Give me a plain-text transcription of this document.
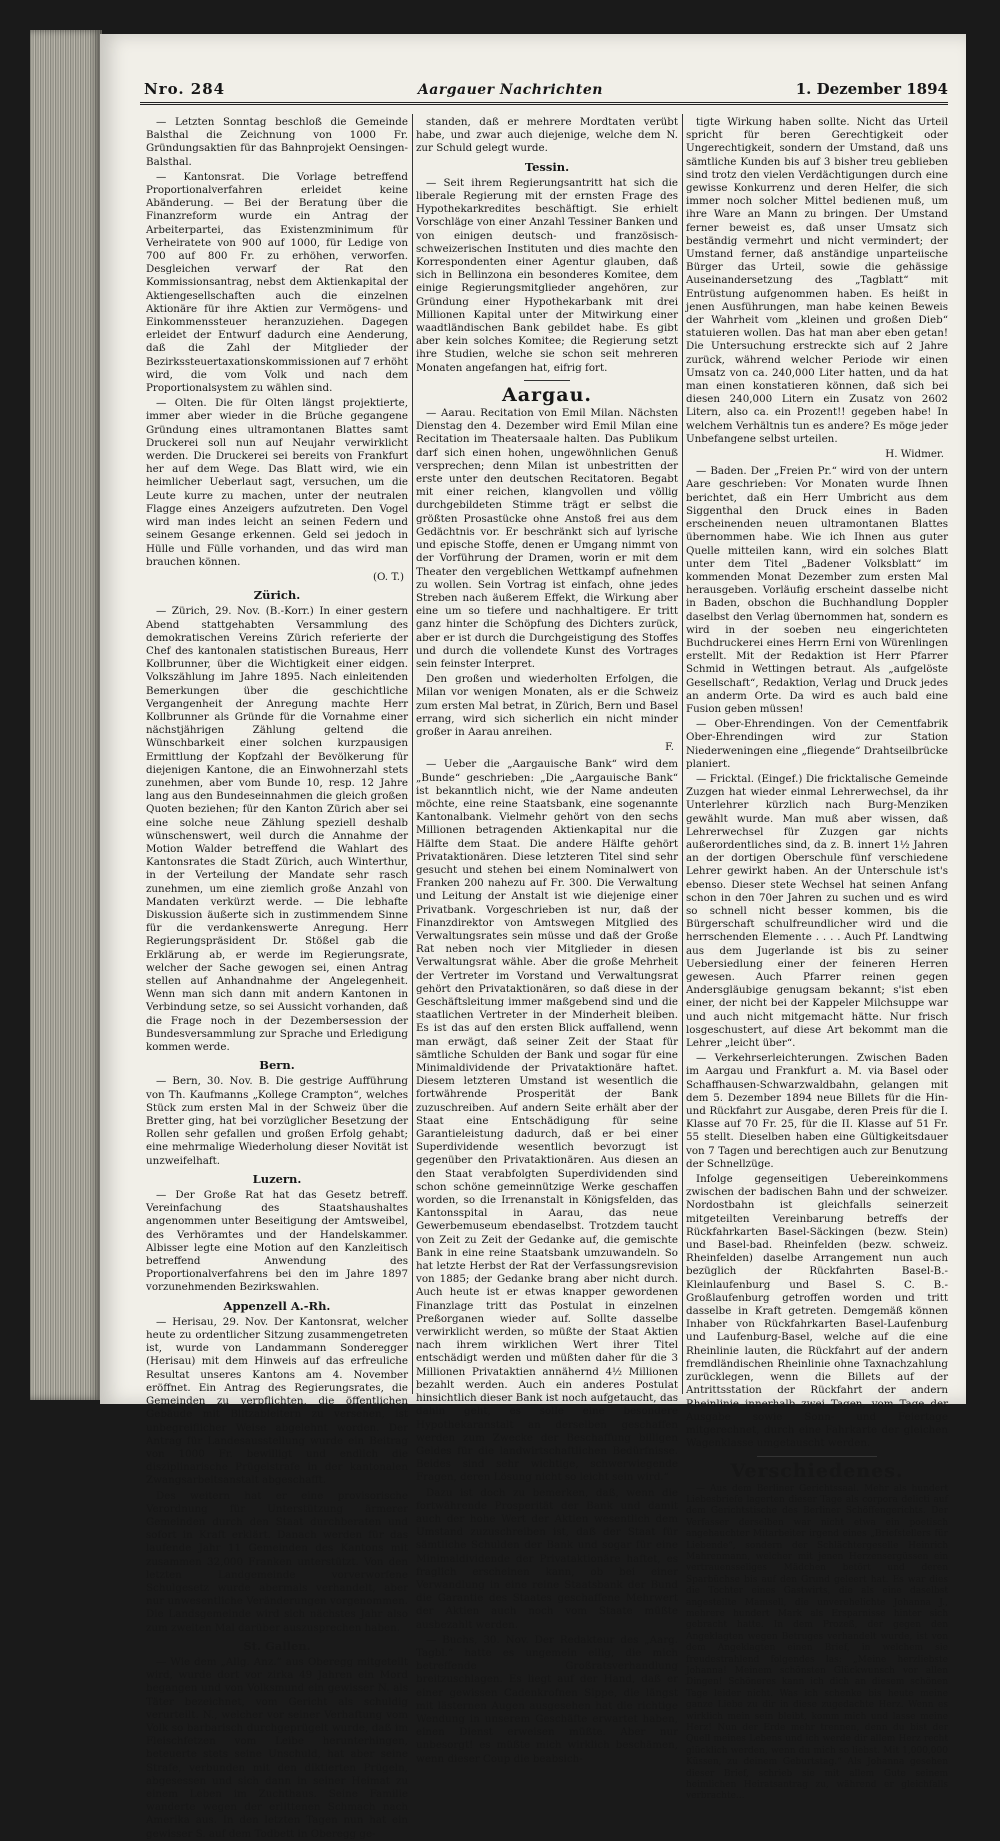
Nro. 284	Aargauer Nachrichten	1. Dezember 1894

— Letzten Sonntag beschloß die Gemeinde Balsthal die Zeichnung von 1000 Fr. Gründungsaktien für das Bahnprojekt Oensingen-Balsthal.

— Kantonsrat. Die Vorlage betreffend Proportionalverfahren erleidet keine Abänderung. — Bei der Beratung über die Finanzreform wurde ein Antrag der Arbeiterpartei, das Existenzminimum für Verheiratete von 900 auf 1000, für Ledige von 700 auf 800 Fr. zu erhöhen, verworfen. Desgleichen verwarf der Rat den Kommissionsantrag, nebst dem Aktienkapital der Aktiengesellschaften auch die einzelnen Aktionäre für ihre Aktien zur Vermögens- und Einkommenssteuer heranzuziehen. Dagegen erleidet der Entwurf dadurch eine Aenderung, daß die Zahl der Mitglieder der Bezirkssteuertaxationskommissionen auf 7 erhöht wird, die vom Volk und nach dem Proportionalsystem zu wählen sind.

— Olten. Die für Olten längst projektierte, immer aber wieder in die Brüche gegangene Gründung eines ultramontanen Blattes samt Druckerei soll nun auf Neujahr verwirklicht werden. Die Druckerei sei bereits von Frankfurt her auf dem Wege. Das Blatt wird, wie ein heimlicher Ueberlaut sagt, versuchen, um die Leute kurre zu machen, unter der neutralen Flagge eines Anzeigers aufzutreten. Den Vogel wird man indes leicht an seinen Federn und seinem Gesange erkennen. Geld sei jedoch in Hülle und Fülle vorhanden, und das wird man brauchen können.

(O. T.)

Zürich.

— Zürich, 29. Nov. (B.-Korr.) In einer gestern Abend stattgehabten Versammlung des demokratischen Vereins Zürich referierte der Chef des kantonalen statistischen Bureaus, Herr Kollbrunner, über die Wichtigkeit einer eidgen. Volkszählung im Jahre 1895. Nach einleitenden Bemerkungen über die geschichtliche Vergangenheit der Anregung machte Herr Kollbrunner als Gründe für die Vornahme einer nächstjährigen Zählung geltend die Wünschbarkeit einer solchen kurzpausigen Ermittlung der Kopfzahl der Bevölkerung für diejenigen Kantone, die an Einwohnerzahl stets zunehmen, aber vom Bunde 10, resp. 12 Jahre lang aus den Bundeseinnahmen die gleich großen Quoten beziehen; für den Kanton Zürich aber sei eine solche neue Zählung speziell deshalb wünschenswert, weil durch die Annahme der Motion Walder betreffend die Wahlart des Kantonsrates die Stadt Zürich, auch Winterthur, in der Verteilung der Mandate sehr rasch zunehmen, um eine ziemlich große Anzahl von Mandaten verkürzt werde. — Die lebhafte Diskussion äußerte sich in zustimmendem Sinne für die verdankenswerte Anregung. Herr Regierungspräsident Dr. Stößel gab die Erklärung ab, er werde im Regierungsrate, welcher der Sache gewogen sei, einen Antrag stellen auf Anhandnahme der Angelegenheit. Wenn man sich dann mit andern Kantonen in Verbindung setze, so sei Aussicht vorhanden, daß die Frage noch in der Dezembersession der Bundesversammlung zur Sprache und Erledigung kommen werde.

Bern.

— Bern, 30. Nov. B. Die gestrige Aufführung von Th. Kaufmanns „Kollege Crampton“, welches Stück zum ersten Mal in der Schweiz über die Bretter ging, hat bei vorzüglicher Besetzung der Rollen sehr gefallen und großen Erfolg gehabt; eine mehrmalige Wiederholung dieser Novität ist unzweifelhaft.

Luzern.

— Der Große Rat hat das Gesetz betreff. Vereinfachung des Staatshaushaltes angenommen unter Beseitigung der Amtsweibel, des Verhöramtes und der Handelskammer. Albisser legte eine Motion auf den Kanzleitisch betreffend Anwendung des Proportionalverfahrens bei den im Jahre 1897 vorzunehmenden Bezirkswahlen.

Appenzell A.-Rh.

— Herisau, 29. Nov. Der Kantonsrat, welcher heute zu ordentlicher Sitzung zusammengetreten ist, wurde von Landammann Sonderegger (Herisau) mit dem Hinweis auf das erfreuliche Resultat unseres Kantons am 4. November eröffnet. Ein Antrag des Regierungsrates, die Gemeinden zu verpflichten, die öffentlichen Gebäude mit Blitzableitern zu versehen, ist unbegreiflicher Weise abgelehnt worden. Der Antrag für Landesausstellung wurde ein Beitrag von 1000 Fr. bewilligt und endlich die disziplinarische Prügelstrafe in der kantonalen Zwangsarbeitsanstalt abgeschafft.

Des weitern hat er eine provisorische Verordnung für Unterstützung ärmerer Gemeinden durch den Staat durchberaten und sofort in Kraft erklärt. Danach werden für das laufende Jahr 11 Gemeinden des Kantons mit zusammen 32,000 Franken unterstützt. Von den letzten Landgemeinde vorverworfene Schulgesetz wurde abermals verhandelt, aber nur unwesentliche Veränderungen vorgenommen. Die Landsgemeinde wird sich nächstes Jahr also zum zweiten Mal darüber auszusprechen haben.

St. Gallen.

— Wie dem „Allg. Anz.“ aus Oberegg mitgeteilt wird, wurde dort vor zirka 49 Jahren ein Mord begangen und von Volksmund ein gewisser N. als Täter bezeichnet, vom Gericht als schuldig verurteilt. N., welcher vor seiner Verhaftung vom Volk so barbarisch durchgeprügelt wurde, daß im Fleischfetzen vom Leibe herunterhingen, beteuerte stets seine Unschuld, hat aber seine Strafe, verbunden mit den diktierten Prügeln, abgesessen und sich dann in seiner Heimat zu einem Leben im Zuchthaus. Seine Familie wanderte wegen der erlittenen Schmach nach Amerika aus. In den letzten Tagen nun hat ein gewisser S. auf dem Todbett in Oberegg ge-

standen, daß er mehrere Mordtaten verübt habe, und zwar auch diejenige, welche dem N. zur Schuld gelegt wurde.

Tessin.

— Seit ihrem Regierungsantritt hat sich die liberale Regierung mit der ernsten Frage des Hypothekarkredites beschäftigt. Sie erhielt Vorschläge von einer Anzahl Tessiner Banken und von einigen deutsch- und französisch-schweizerischen Instituten und dies machte den Korrespondenten einer Agentur glauben, daß sich in Bellinzona ein besonderes Komitee, dem einige Regierungsmitglieder angehören, zur Gründung einer Hypothekarbank mit drei Millionen Kapital unter der Mitwirkung einer waadtländischen Bank gebildet habe. Es gibt aber kein solches Komitee; die Regierung setzt ihre Studien, welche sie schon seit mehreren Monaten angefangen hat, eifrig fort.

Aargau.

— Aarau. Recitation von Emil Milan. Nächsten Dienstag den 4. Dezember wird Emil Milan eine Recitation im Theatersaale halten. Das Publikum darf sich einen hohen, ungewöhnlichen Genuß versprechen; denn Milan ist unbestritten der erste unter den deutschen Recitatoren. Begabt mit einer reichen, klangvollen und völlig durchgebildeten Stimme trägt er selbst die größten Prosastücke ohne Anstoß frei aus dem Gedächtnis vor. Er beschränkt sich auf lyrische und epische Stoffe, denen er Umgang nimmt von der Vorführung der Dramen, worin er mit dem Theater den vergeblichen Wettkampf aufnehmen zu wollen. Sein Vortrag ist einfach, ohne jedes Streben nach äußerem Effekt, die Wirkung aber eine um so tiefere und nachhaltigere. Er tritt ganz hinter die Schöpfung des Dichters zurück, aber er ist durch die Durchgeistigung des Stoffes und durch die vollendete Kunst des Vortrages sein feinster Interpret.

Den großen und wiederholten Erfolgen, die Milan vor wenigen Monaten, als er die Schweiz zum ersten Mal betrat, in Zürich, Bern und Basel errang, wird sich sicherlich ein nicht minder großer in Aarau anreihen.

F.

— Ueber die „Aargauische Bank“ wird dem „Bunde“ geschrieben: „Die „Aargauische Bank“ ist bekanntlich nicht, wie der Name andeuten möchte, eine reine Staatsbank, eine sogenannte Kantonalbank. Vielmehr gehört von den sechs Millionen betragenden Aktienkapital nur die Hälfte dem Staat. Die andere Hälfte gehört Privataktionären. Diese letzteren Titel sind sehr gesucht und stehen bei einem Nominalwert von Franken 200 nahezu auf Fr. 300. Die Verwaltung und Leitung der Anstalt ist wie diejenige einer Privatbank. Vorgeschrieben ist nur, daß der Finanzdirektor von Amtswegen Mitglied des Verwaltungsrates sein müsse und daß der Große Rat neben noch vier Mitglieder in diesen Verwaltungsrat wähle. Aber die große Mehrheit der Vertreter im Vorstand und Verwaltungsrat gehört den Privataktionären, so daß diese in der Geschäftsleitung immer maßgebend sind und die staatlichen Vertreter in der Minderheit bleiben. Es ist das auf den ersten Blick auffallend, wenn man erwägt, daß seiner Zeit der Staat für sämtliche Schulden der Bank und sogar für eine Minimaldividende der Privataktionäre haftet. Diesem letzteren Umstand ist wesentlich die fortwährende Prosperität der Bank zuzuschreiben. Auf andern Seite erhält aber der Staat eine Entschädigung für seine Garantieleistung dadurch, daß er bei einer Superdividende wesentlich bevorzugt ist gegenüber den Privataktionären. Aus diesen an den Staat verabfolgten Superdividenden sind schon schöne gemeinnützige Werke geschaffen worden, so die Irrenanstalt in Königsfelden, das Kantonsspital in Aarau, das neue Gewerbemuseum ebendaselbst. Trotzdem taucht von Zeit zu Zeit der Gedanke auf, die gemischte Bank in eine reine Staatsbank umzuwandeln. So hat letzte Herbst der Rat der Verfassungsrevision von 1885; der Gedanke brang aber nicht durch. Auch heute ist er etwas knapper gewordenen Finanzlage tritt das Postulat in einzelnen Preßorganen wieder auf. Sollte dasselbe verwirklicht werden, so müßte der Staat Aktien nach ihrem wirklichen Wert ihrer Titel entschädigt werden und müßten daher für die 3 Millionen Privataktien annähernd 4½ Millionen bezahlt werden. Auch ein anderes Postulat hinsichtlich dieser Bank ist noch aufgetaucht, das dahin geht, es solle eine besondere Hypothekaranstalt an derselben geschaffen werden zum Zwecke der Beschaffung billigen Geldes für die landwirtschaftlichen Bedürfnisse. Beides sind sehr wichtige, schwerwiegende Fragen, deren Lösung nicht so leicht sein wird.“

Dazu ist doch zu bemerken, daß, wenn die fortwährende Prosperität der Bank und damit auch der hohe Wert der Aktien wesentlich dem Umstand zuzuschreiben ist, daß der Staat für sämtliche Schulden der Bank und sogar für eine Minimaldividende der Privataktionäre haftet, es fraglich erscheinen kann, ob bei einer Verwandlung in eine reine Staatsbank der Bund die Garantie des Staates geschaffene Mehrwert der Aktien auch noch vom Staate müßte ausbezahlt werden.

— Buchs, 30. Nov. Der Redakteur des „Aarg. Tagbl.“ hatte es ungemein eilig, die mich betreffende Großratsverhandlung breitzuschlagen. Es liegt auf der Hand, daß er einer gewissen Cadenkrofnen Sippe, die längst mit lästernen Augen ausgesehen hat die richtige Wendung in unserem Geschäfte erwartet haben, einen Dienst erweisen müßte. Aber nur unbesorgt! es müßte mich wirklich beschämen, wenn dieser Coup die beabsich-

tigte Wirkung haben sollte. Nicht das Urteil spricht für beren Gerechtigkeit oder Ungerechtigkeit, sondern der Umstand, daß uns sämtliche Kunden bis auf 3 bisher treu geblieben sind trotz den vielen Verdächtigungen durch eine gewisse Konkurrenz und deren Helfer, die sich immer noch solcher Mittel bedienen muß, um ihre Ware an Mann zu bringen. Der Umstand ferner beweist es, daß unser Umsatz sich beständig vermehrt und nicht vermindert; der Umstand ferner, daß anständige unparteiische Bürger das Urteil, sowie die gehässige Auseinandersetzung des „Tagblatt“ mit Entrüstung aufgenommen haben. Es heißt in jenen Ausführungen, man habe keinen Beweis der Wahrheit vom „kleinen und großen Dieb“ statuieren wollen. Das hat man aber eben getan! Die Untersuchung erstreckte sich auf 2 Jahre zurück, während welcher Periode wir einen Umsatz von ca. 240,000 Liter hatten, und da hat man einen konstatieren können, daß sich bei diesen 240,000 Litern ein Zusatz von 2602 Litern, also ca. ein Prozent!! gegeben habe! In welchem Verhältnis tun es andere? Es möge jeder Unbefangene selbst urteilen.

H. Widmer.

— Baden. Der „Freien Pr.“ wird von der untern Aare geschrieben: Vor Monaten wurde Ihnen berichtet, daß ein Herr Umbricht aus dem Siggenthal den Druck eines in Baden erscheinenden neuen ultramontanen Blattes übernommen habe. Wie ich Ihnen aus guter Quelle mitteilen kann, wird ein solches Blatt unter dem Titel „Badener Volksblatt“ im kommenden Monat Dezember zum ersten Mal herausgeben. Vorläufig erscheint dasselbe nicht in Baden, obschon die Buchhandlung Doppler daselbst den Verlag übernommen hat, sondern es wird in der soeben neu eingerichteten Buchdruckerei eines Herrn Erni von Würenlingen erstellt. Mit der Redaktion ist Herr Pfarrer Schmid in Wettingen betraut. Als „aufgelöste Gesellschaft“, Redaktion, Verlag und Druck jedes an anderm Orte. Da wird es auch bald eine Fusion geben müssen!

— Ober-Ehrendingen. Von der Cementfabrik Ober-Ehrendingen wird zur Station Niederweningen eine „fliegende“ Drahtseilbrücke planiert.

— Fricktal. (Eingef.) Die fricktalische Gemeinde Zuzgen hat wieder einmal Lehrerwechsel, da ihr Unterlehrer kürzlich nach Burg-Menziken gewählt wurde. Man muß aber wissen, daß Lehrerwechsel für Zuzgen gar nichts außerordentliches sind, da z. B. innert 1½ Jahren an der dortigen Oberschule fünf verschiedene Lehrer gewirkt haben. An der Unterschule ist's ebenso. Dieser stete Wechsel hat seinen Anfang schon in den 70er Jahren zu suchen und es wird so schnell nicht besser kommen, bis die Bürgerschaft schulfreundlicher wird und die herrschenden Elemente . . . . Auch Pf. Landtwing aus dem Jugerlande ist bis zu seiner Uebersiedlung einer der feineren Herren gewesen. Auch Pfarrer reinen gegen Andersgläubige genugsam bekannt; s'ist eben einer, der nicht bei der Kappeler Milchsuppe war und auch nicht mitgemacht hätte. Nur frisch losgeschustert, auf diese Art bekommt man die Lehrer „leicht über“.

— Verkehrserleichterungen. Zwischen Baden im Aargau und Frankfurt a. M. via Basel oder Schaffhausen-Schwarzwaldbahn, gelangen mit dem 5. Dezember 1894 neue Billets für die Hin- und Rückfahrt zur Ausgabe, deren Preis für die I. Klasse auf 70 Fr. 25, für die II. Klasse auf 51 Fr. 55 stellt. Dieselben haben eine Gültigkeitsdauer von 7 Tagen und berechtigen auch zur Benutzung der Schnellzüge.

Infolge gegenseitigen Uebereinkommens zwischen der badischen Bahn und der schweizer. Nordostbahn ist gleichfalls seinerzeit mitgeteilten Vereinbarung betreffs der Rückfahrkarten Basel-Säckingen (bezw. Stein) und Basel-bad. Rheinfelden (bezw. schweiz. Rheinfelden) daselbe Arrangement nun auch bezüglich der Rückfahrten Basel-B.-Kleinlaufenburg und Basel S. C. B.-Großlaufenburg getroffen worden und tritt dasselbe in Kraft getreten. Demgemäß können Inhaber von Rückfahrkarten Basel-Laufenburg und Laufenburg-Basel, welche auf die eine Rheinlinie lauten, die Rückfahrt auf der andern fremdländischen Rheinlinie ohne Taxnachzahlung zurücklegen, wenn die Billets auf der Antrittsstation der Rückfahrt der andern Rheinlinie innerhalb zwei Tagen, vom Tage der Ausgabe sowie Sonn- und Feiertage mitgerechnet, durch eine Fahrkarte der gleichen Wagenklasse umgetauscht werden.

Verschiedenes.

— Aus dem Berliner Gerichtssaal. Mehr als hundert Liebesbriefe lagerten dieser Tage als corpora delicti auf dem Gerichtstische des Berliner Schöffengerichts. Der Verfasser derselben war nicht etwa ein poetisch angehauchter Mitarbeiter irgend eines „Briefstellers für Liebende“, sondern der Schlächtergeselle Heinrich Mahrenmann, welcher mit jenen Herzensergüssen ein vertrauensseliges Mädchen betört und deren Sparbüchse bis auf den Grund geleert hat. Es war dies die Tochter eines Gastwirts, die als eine daselbst angestellte Mamsell, die unverehelichte Johanna J., mehrere hundert Mark als Ersparnisse hinter sich gebracht hatte. In dem Prozeß, der gegen den Angeklagten wegen Betruges verhandelt wurde, ist von dem Angeklagten einen Brief, in welchem sie freudestrahlend folgendes las: „Meine herzliebste Johanna! Meinem schönsten Glückwunsch vor allen Dingen! Schöneres kann ich dich an diesem schönen Tage leider nicht. Was ich schenke bis heute meine ganze Liebe zu dir in diese zugedachte Herz. Wenn es wirklich mein sein bleibt, komm mich und lasse meine Herz! Nun der Erde mehr trennen, denn du bist der Quell meines Lebens und ich werde dir allem Herz recht glücklich werden, wenn du mich so liebst. Mit 1,000,000 Küssen, zu deinem Geburtstag.“ Als Johanna gesehen dieser Brief, schrieb sie mit allem Gute seinem heimlichen Heiratsantrag zu, während er gleichfalls verbrachte...
